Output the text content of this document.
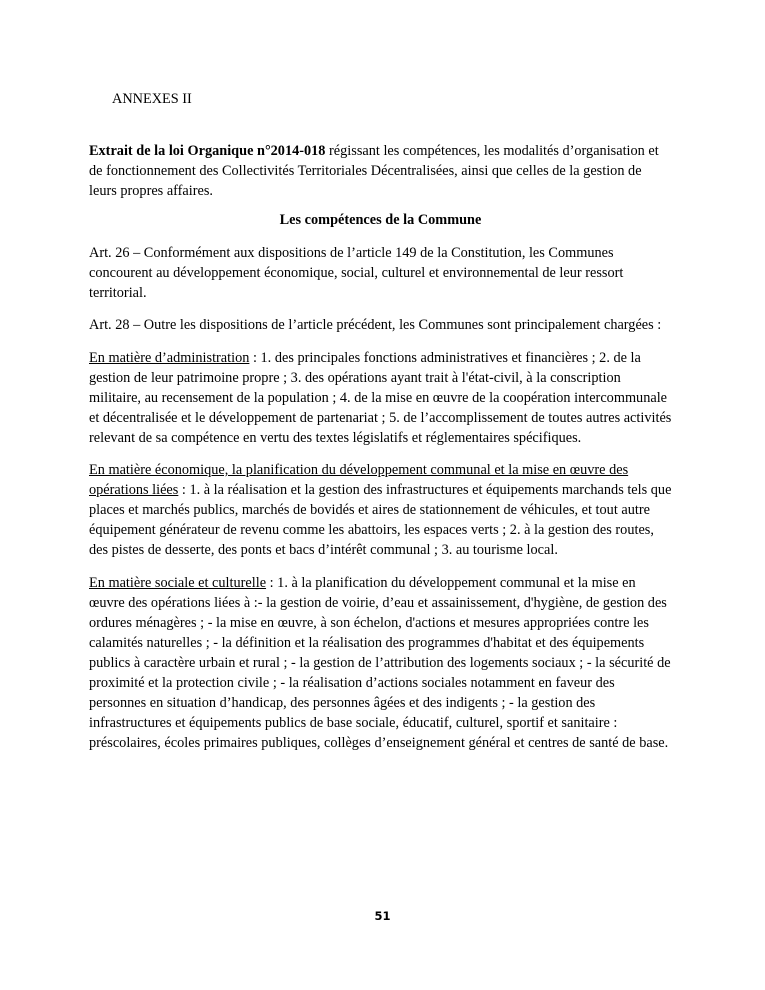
ANNEXES II

Extrait de la loi Organique n°2014-018 régissant les compétences, les modalités d’organisation et de fonctionnement des Collectivités Territoriales Décentralisées, ainsi que celles de la gestion de leurs propres affaires.

Les compétences de la Commune

Art. 26 – Conformément aux dispositions de l’article 149 de la Constitution, les Communes concourent au développement économique, social, culturel et environnemental de leur ressort territorial.

Art. 28 – Outre les dispositions de l’article précédent, les Communes sont principalement chargées :

En matière d’administration : 1. des principales fonctions administratives et financières ; 2. de la gestion de leur patrimoine propre ; 3. des opérations ayant trait à l'état-civil, à la conscription militaire, au recensement de la population ; 4. de la mise en œuvre de la coopération intercommunale et décentralisée et le développement de partenariat ; 5. de l’accomplissement de toutes autres activités relevant de sa compétence en vertu des textes législatifs et réglementaires spécifiques.

En matière économique, la planification du développement communal et la mise en œuvre des opérations liées : 1. à la réalisation et la gestion des infrastructures et équipements marchands tels que places et marchés publics, marchés de bovidés et aires de stationnement de véhicules, et tout autre équipement générateur de revenu comme les abattoirs, les espaces verts ; 2. à la gestion des routes, des pistes de desserte, des ponts et bacs d’intérêt communal ; 3. au tourisme local.

En matière sociale et culturelle : 1. à la planification du développement communal et la mise en œuvre des opérations liées à :- la gestion de voirie, d’eau et assainissement, d'hygiène, de gestion des ordures ménagères ; - la mise en œuvre, à son échelon, d'actions et mesures appropriées contre les calamités naturelles ; - la définition et la réalisation des programmes d'habitat et des équipements publics à caractère urbain et rural ; - la gestion de l’attribution des logements sociaux ; - la sécurité de proximité et la protection civile ; - la réalisation d’actions sociales notamment en faveur des personnes en situation d’handicap, des personnes âgées et des indigents ; - la gestion des infrastructures et équipements publics de base sociale, éducatif, culturel, sportif et sanitaire : préscolaires, écoles primaires publiques, collèges d’enseignement général et centres de santé de base.

51
